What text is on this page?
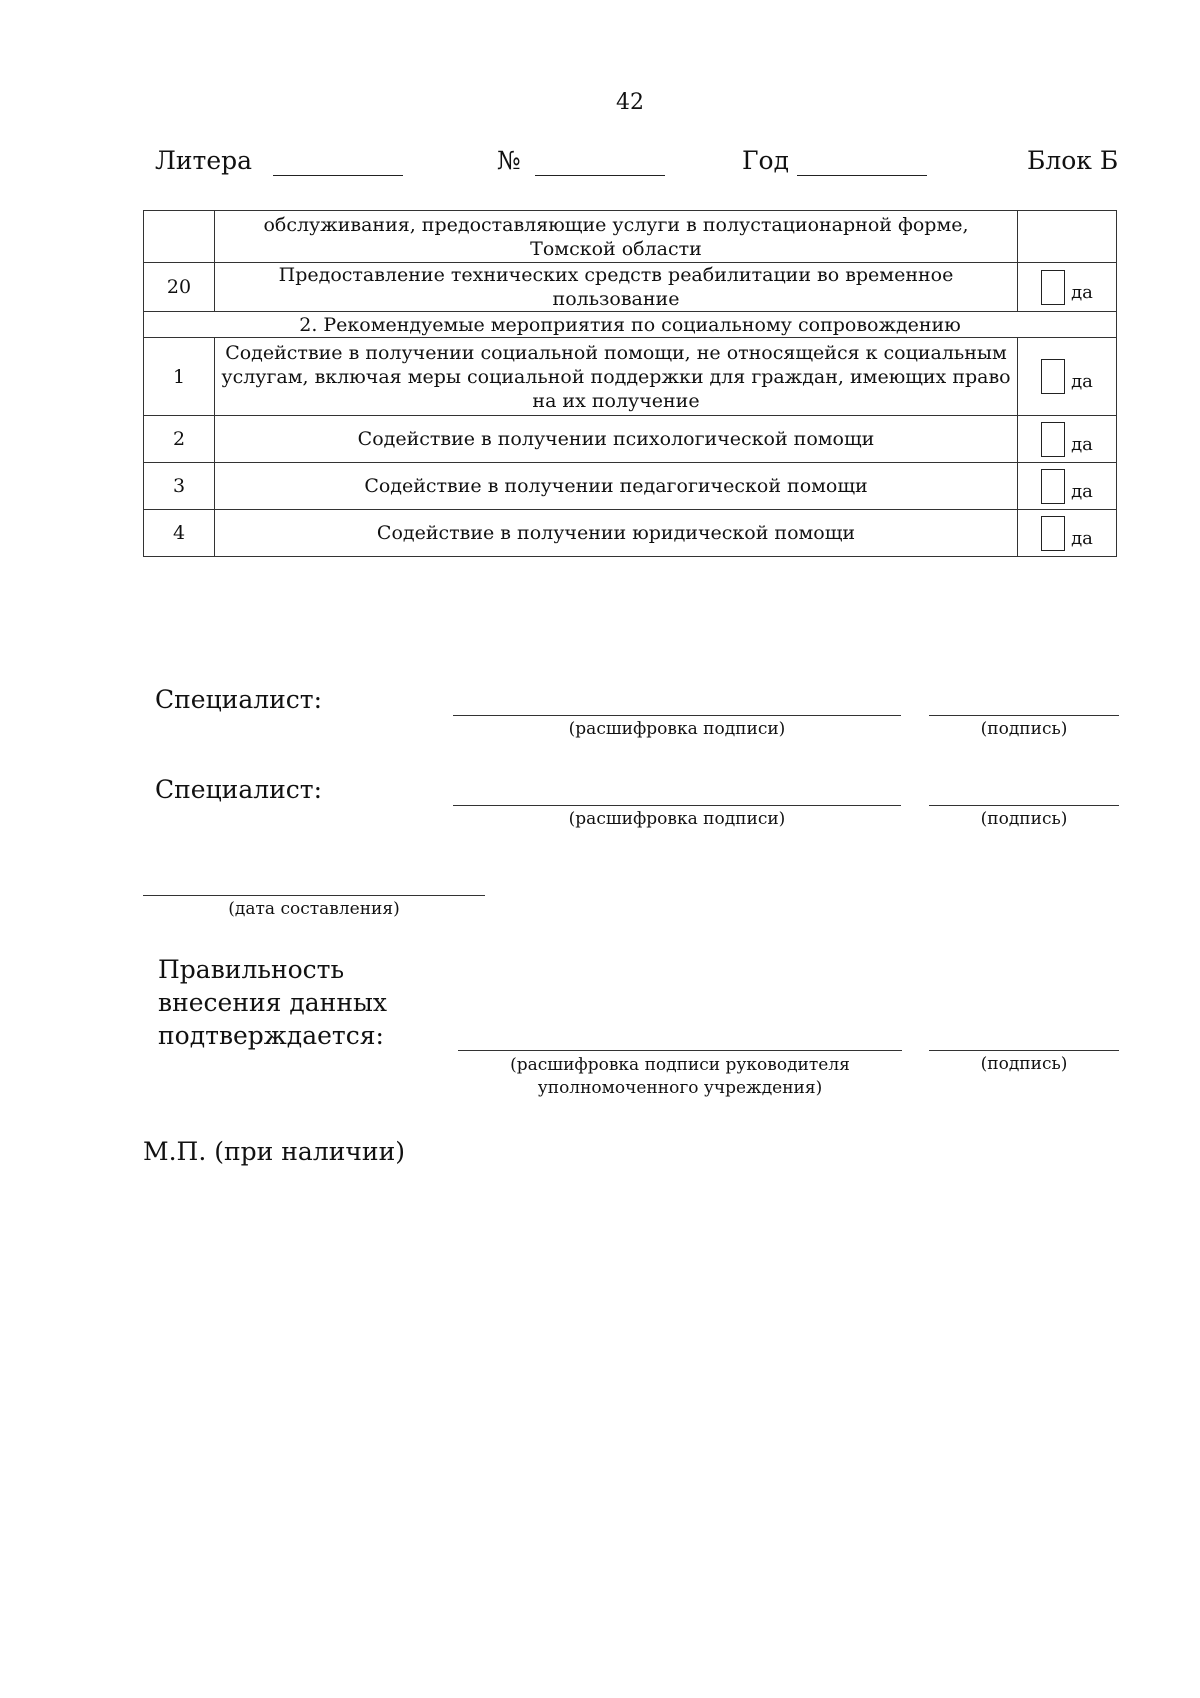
42
Литера	№	Год	Блок Б
	обслуживания, предоставляющие услуги в полустационарной форме, Томской области	
20	Предоставление технических средств реабилитации во временное пользование	да
2. Рекомендуемые мероприятия по социальному сопровождению		
1	Содействие в получении социальной помощи, не относящейся к социальным услугам, включая меры социальной поддержки для граждан, имеющих право на их получение	да
2	Содействие в получении психологической помощи	да
3	Содействие в получении педагогической помощи	да
4	Содействие в получении юридической помощи	да
Специалист:
(расшифровка подписи)	(подпись)
Специалист:
(расшифровка подписи)	(подпись)
(дата составления)
Правильность
внесения данных
подтверждается:
(расшифровка подписи руководителя
уполномоченного учреждения)
(подпись)
М.П. (при наличии)
